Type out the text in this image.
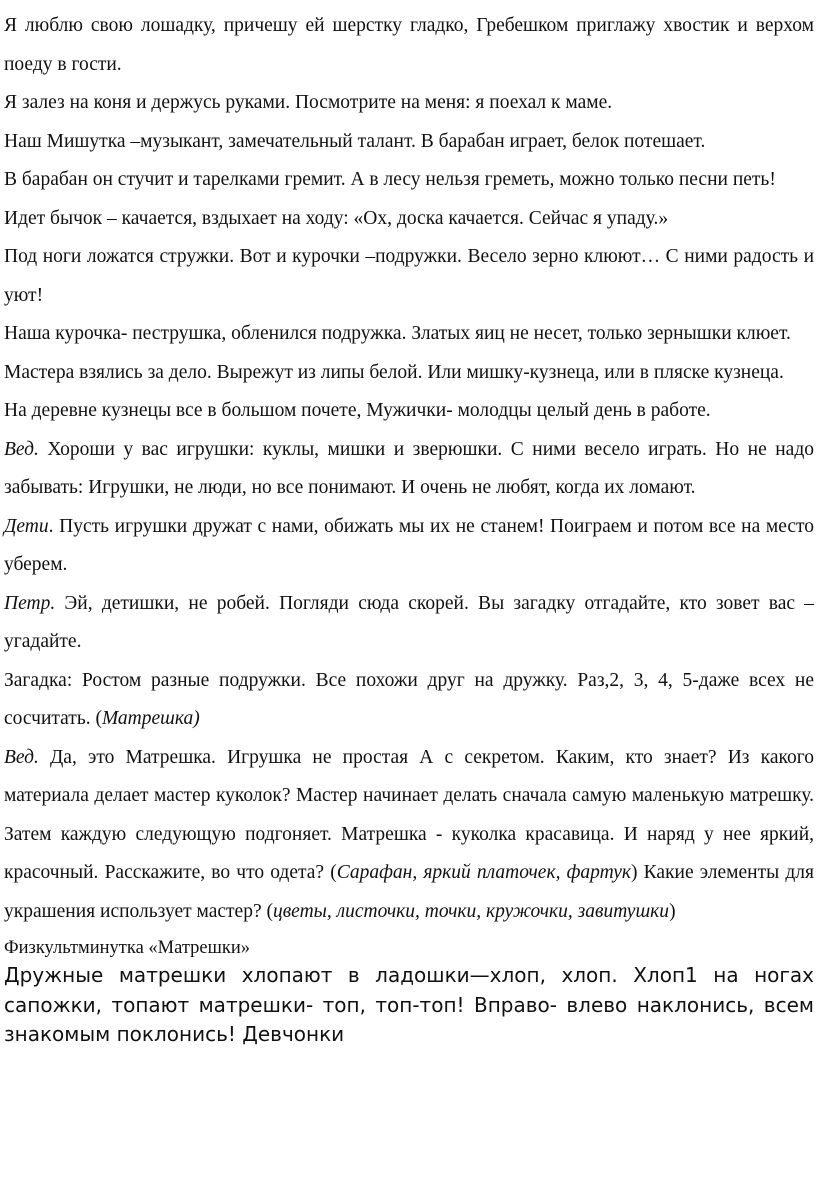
Я люблю свою лошадку, причешу ей шерстку гладко, Гребешком приглажу хвостик и верхом поеду в гости.

Я залез на коня и держусь руками. Посмотрите на меня: я поехал к маме.

Наш Мишутка –музыкант, замечательный талант. В барабан играет, белок потешает.

В барабан он стучит и тарелками гремит. А в лесу нельзя греметь, можно только песни петь!

Идет бычок – качается, вздыхает на ходу: «Ох, доска качается. Сейчас я упаду.»

Под ноги ложатся стружки. Вот и курочки –подружки. Весело зерно клюют… С ними радость и уют!

Наша курочка- пеструшка, обленился подружка. Златых яиц не несет, только зернышки клюет.

Мастера взялись за дело. Вырежут из липы белой. Или мишку-кузнеца, или в пляске кузнеца.

На деревне кузнецы все в большом почете, Мужички- молодцы целый день в работе.

Вед. Хороши у вас игрушки: куклы, мишки и зверюшки. С ними весело играть. Но не надо забывать: Игрушки, не люди, но все понимают. И очень не любят, когда их ломают.

Дети. Пусть игрушки дружат с нами, обижать мы их не станем! Поиграем и потом все на место уберем.

Петр. Эй, детишки, не робей. Погляди сюда скорей. Вы загадку отгадайте, кто зовет вас – угадайте.

Загадка: Ростом разные подружки. Все похожи друг на дружку. Раз,2, 3, 4, 5-даже всех не сосчитать. (Матрешка)

Вед. Да, это Матрешка. Игрушка не простая А с секретом. Каким, кто знает? Из какого материала делает мастер куколок? Мастер начинает делать сначала самую маленькую матрешку. Затем каждую следующую подгоняет. Матрешка - куколка красавица. И наряд у нее яркий, красочный. Расскажите, во что одета? (Сарафан, яркий платочек, фартук) Какие элементы для украшения использует мастер? (цветы, листочки, точки, кружочки, завитушки)

Физкультминутка «Матрешки»

Дружные матрешки хлопают в ладошки—хлоп, хлоп. Хлоп1 на ногах сапожки, топают матрешки- топ, топ-топ! Вправо- влево наклонись, всем знакомым поклонись! Девчонки
